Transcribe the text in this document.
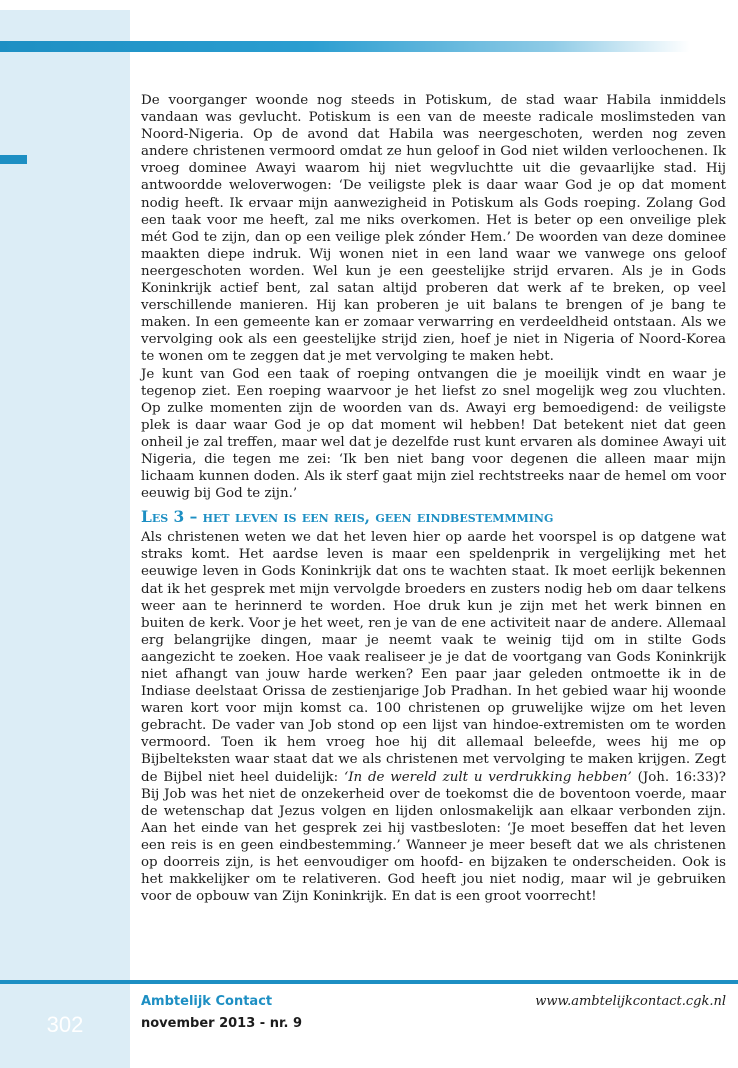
De voorganger woonde nog steeds in Potiskum, de stad waar Habila inmiddels vandaan was gevlucht. Potiskum is een van de meeste radicale moslimsteden van Noord-Nigeria. Op de avond dat Habila was neergeschoten, werden nog zeven andere christenen vermoord omdat ze hun geloof in God niet wilden verloochenen. Ik vroeg dominee Awayi waarom hij niet wegvluchtte uit die gevaarlijke stad. Hij antwoordde weloverwogen: ‘De veiligste plek is daar waar God je op dat moment nodig heeft. Ik ervaar mijn aanwezigheid in Potiskum als Gods roeping. Zolang God een taak voor me heeft, zal me niks overkomen. Het is beter op een onveilige plek mét God te zijn, dan op een veilige plek zónder Hem.’ De woorden van deze dominee maakten diepe indruk. Wij wonen niet in een land waar we vanwege ons geloof neergeschoten worden. Wel kun je een geestelijke strijd ervaren. Als je in Gods Koninkrijk actief bent, zal satan altijd proberen dat werk af te breken, op veel verschillende manieren. Hij kan proberen je uit balans te brengen of je bang te maken. In een gemeente kan er zomaar verwarring en verdeeldheid ontstaan. Als we vervolging ook als een geestelijke strijd zien, hoef je niet in Nigeria of Noord-Korea te wonen om te zeggen dat je met vervolging te maken hebt.

Je kunt van God een taak of roeping ontvangen die je moeilijk vindt en waar je tegenop ziet. Een roeping waarvoor je het liefst zo snel mogelijk weg zou vluchten. Op zulke momenten zijn de woorden van ds. Awayi erg bemoedigend: de veiligste plek is daar waar God je op dat moment wil hebben! Dat betekent niet dat geen onheil je zal treffen, maar wel dat je dezelfde rust kunt ervaren als dominee Awayi uit Nigeria, die tegen me zei: ‘Ik ben niet bang voor degenen die alleen maar mijn lichaam kunnen doden. Als ik sterf gaat mijn ziel rechtstreeks naar de hemel om voor eeuwig bij God te zijn.’

Les 3 – het leven is een reis, geen eindbestemmming

Als christenen weten we dat het leven hier op aarde het voorspel is op datgene wat straks komt. Het aardse leven is maar een speldenprik in vergelijking met het eeuwige leven in Gods Koninkrijk dat ons te wachten staat. Ik moet eerlijk bekennen dat ik het gesprek met mijn vervolgde broeders en zusters nodig heb om daar telkens weer aan te herinnerd te worden. Hoe druk kun je zijn met het werk binnen en buiten de kerk. Voor je het weet, ren je van de ene activiteit naar de andere. Allemaal erg belangrijke dingen, maar je neemt vaak te weinig tijd om in stilte Gods aangezicht te zoeken. Hoe vaak realiseer je je dat de voortgang van Gods Koninkrijk niet afhangt van jouw harde werken? Een paar jaar geleden ontmoette ik in de Indiase deelstaat Orissa de zestienjarige Job Pradhan. In het gebied waar hij woonde waren kort voor mijn komst ca. 100 christenen op gruwelijke wijze om het leven gebracht. De vader van Job stond op een lijst van hindoe-extremisten om te worden vermoord. Toen ik hem vroeg hoe hij dit allemaal beleefde, wees hij me op Bijbelteksten waar staat dat we als christenen met vervolging te maken krijgen. Zegt de Bijbel niet heel duidelijk: ‘In de wereld zult u verdrukking hebben’ (Joh. 16:33)? Bij Job was het niet de onzekerheid over de toekomst die de boventoon voerde, maar de wetenschap dat Jezus volgen en lijden onlosmakelijk aan elkaar verbonden zijn. Aan het einde van het gesprek zei hij vastbesloten: ‘Je moet beseffen dat het leven een reis is en geen eindbestemming.’ Wanneer je meer beseft dat we als christenen op doorreis zijn, is het eenvoudiger om hoofd- en bijzaken te onderscheiden. Ook is het makkelijker om te relativeren. God heeft jou niet nodig, maar wil je gebruiken voor de opbouw van Zijn Koninkrijk. En dat is een groot voorrecht!

302
Ambtelijk Contact
november 2013 - nr. 9
www.ambtelijkcontact.cgk.nl
